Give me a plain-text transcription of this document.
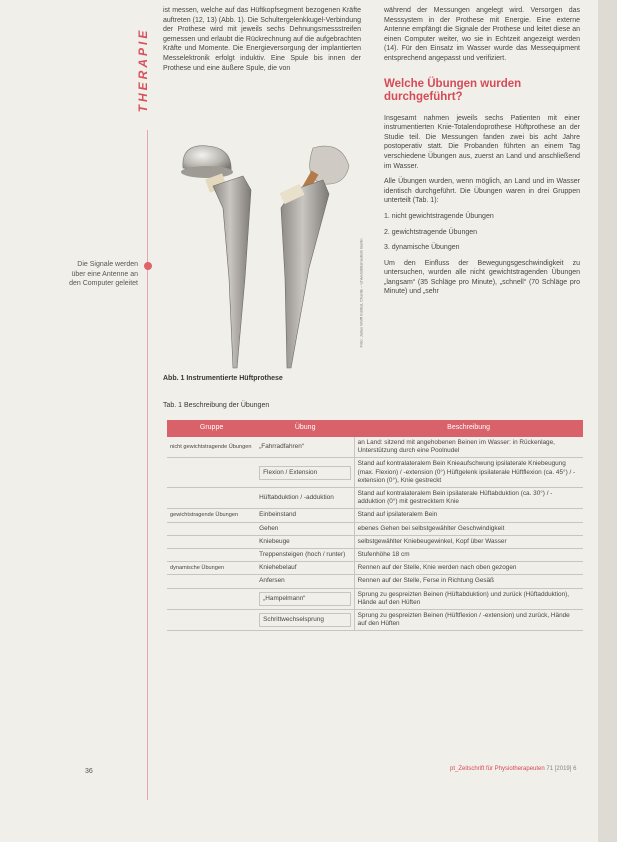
THERAPIE
Die Signale werden über eine Antenne an den Computer geleitet

ist messen, welche auf das Hüftkopfsegment bezogenen Kräfte auftreten (12, 13) (Abb. 1). Die Schultergelenkkugel-Verbindung der Prothese wird mit jeweils sechs Dehnungsmessstreifen gemessen und erlaubt die Rückrechnung auf die aufgebrachten Kräfte und Momente. Die Energieversorgung der implantierten Messelektronik erfolgt induktiv. Eine Spule bis innen der Prothese und eine äußere Spule, die von

während der Messungen angelegt wird. Versorgen das Messsystem in der Prothese mit Energie. Eine externe Antenne empfängt die Signale der Prothese und leitet diese an einen Computer weiter, wo sie in Echtzeit angezeigt werden (14). Für den Einsatz im Wasser wurde das Messequipment entsprechend angepasst und verifiziert.

Welche Übungen wurden durchgeführt?

Insgesamt nahmen jeweils sechs Patienten mit einer instrumentierten Knie-Totalendoprothese Hüftprothese an der Studie teil. Die Messungen fanden zwei bis acht Jahre postoperativ statt. Die Probanden führten an einem Tag verschiedene Übungen aus, zuerst an Land und anschließend im Wasser.

Alle Übungen wurden, wenn möglich, an Land und im Wasser identisch durchgeführt. Die Übungen waren in drei Gruppen unterteilt (Tab. 1):

1. nicht gewichtstragende Übungen

2. gewichtstragende Übungen

3. dynamische Übungen

Um den Einfluss der Bewegungsgeschwindigkeit zu untersuchen, wurden alle nicht gewichtstragenden Übungen „langsam“ (35 Schläge pro Minute), „schnell“ (70 Schläge pro Minute) und „sehr

Foto: Julius Wolff Institut, Charité – Universitätsmedizin Berlin
Abb. 1 Instrumentierte Hüftprothese
Tab. 1 Beschreibung der Übungen
Gruppe	Übung	Beschreibung
nicht gewichtstragende Übungen	„Fahrradfahren“	an Land: sitzend mit angehobenen Beinen im Wasser: in Rückenlage, Unterstützung durch eine Poolnudel

	Flexion / Extension	Stand auf kontralateralem Bein Knieaufschwung ipsilaterale Kniebeugung (max. Flexion) / -extension (0°) Hüftgelenk ipsilaterale Hüftflexion (ca. 45°) / -extension (0°), Knie gestreckt
	Hüftabduktion / -adduktion	Stand auf kontralateralem Bein ipsilaterale Hüftabduktion (ca. 30°) / -adduktion (0°) mit gestrecktem Knie
gewichtstragende Übungen	Einbeinstand	Stand auf ipsilateralem Bein
	Gehen	ebenes Gehen bei selbstgewählter Geschwindigkeit
	Kniebeuge	selbstgewählter Kniebeugewinkel, Kopf über Wasser
	Treppensteigen (hoch / runter)	Stufenhöhe 18 cm
dynamische Übungen	Kniehebelauf	Rennen auf der Stelle, Knie werden nach oben gezogen
	Anfersen	Rennen auf der Stelle, Ferse in Richtung Gesäß

	„Hampelmann“	Sprung zu gespreizten Beinen (Hüftabduktion) und zurück (Hüftadduktion), Hände auf den Hüften

	Schrittwechselsprung	Sprung zu gespreizten Beinen (Hüftflexion / -extension) und zurück, Hände auf den Hüften
36	pt_Zeitschrift für Physiotherapeuten 71 [2019] 6
